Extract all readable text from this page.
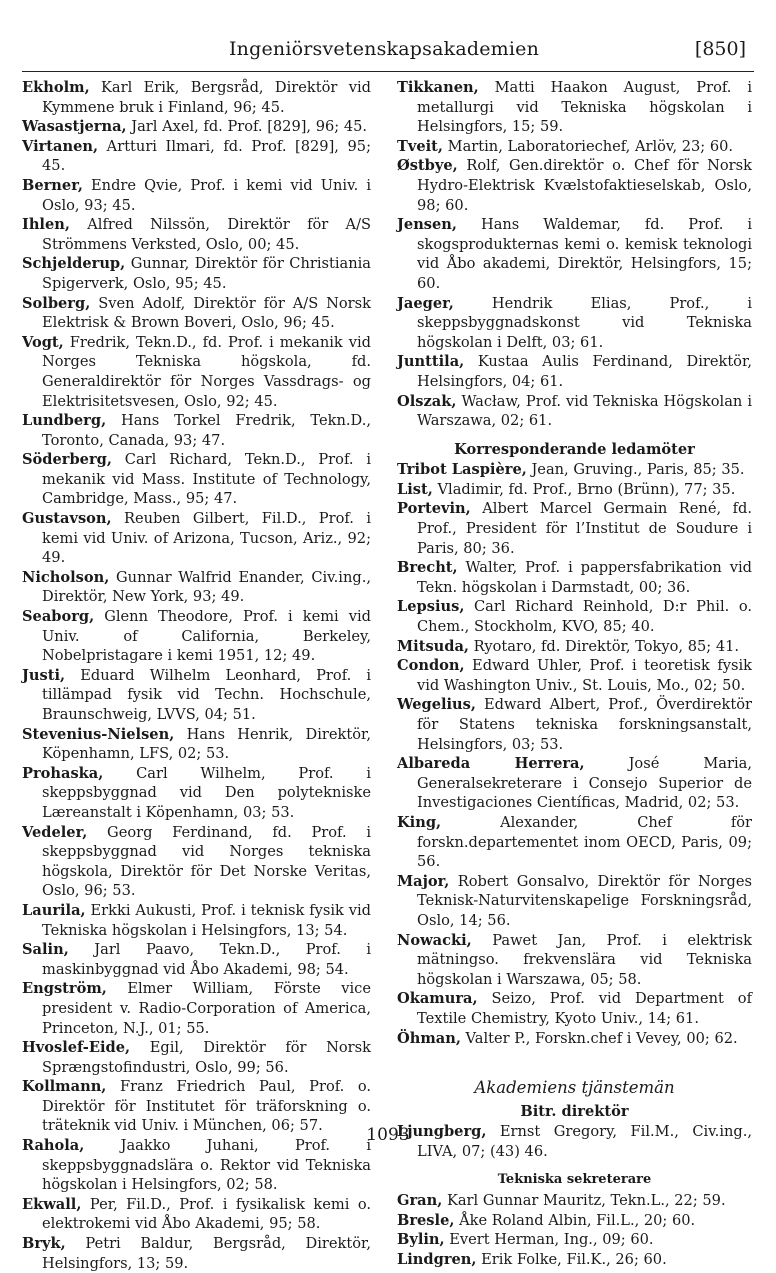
Ingeniörsvetenskapsakademien	[850]

Ekholm, Karl Erik, Bergsråd, Direktör vid Kymmene bruk i Finland, 96; 45.

Wasastjerna, Jarl Axel, fd. Prof. [829], 96; 45.

Virtanen, Artturi Ilmari, fd. Prof. [829], 95; 45.

Berner, Endre Qvie, Prof. i kemi vid Univ. i Oslo, 93; 45.

Ihlen, Alfred Nilssön, Direktör för A/S Strömmens Verksted, Oslo, 00; 45.

Schjelderup, Gunnar, Direktör för Christiania Spigerverk, Oslo, 95; 45.

Solberg, Sven Adolf, Direktör för A/S Norsk Elektrisk & Brown Boveri, Oslo, 96; 45.

Vogt, Fredrik, Tekn.D., fd. Prof. i mekanik vid Norges Tekniska högskola, fd. Generaldirektör för Norges Vassdrags- og Elektrisitetsvesen, Oslo, 92; 45.

Lundberg, Hans Torkel Fredrik, Tekn.D., Toronto, Canada, 93; 47.

Söderberg, Carl Richard, Tekn.D., Prof. i mekanik vid Mass. Institute of Technology, Cambridge, Mass., 95; 47.

Gustavson, Reuben Gilbert, Fil.D., Prof. i kemi vid Univ. of Arizona, Tucson, Ariz., 92; 49.

Nicholson, Gunnar Walfrid Enander, Civ.ing., Direktör, New York, 93; 49.

Seaborg, Glenn Theodore, Prof. i kemi vid Univ. of California, Berkeley, Nobelpristagare i kemi 1951, 12; 49.

Justi, Eduard Wilhelm Leonhard, Prof. i tillämpad fysik vid Techn. Hochschule, Braunschweig, LVVS, 04; 51.

Stevenius-Nielsen, Hans Henrik, Direktör, Köpenhamn, LFS, 02; 53.

Prohaska, Carl Wilhelm, Prof. i skeppsbyggnad vid Den polytekniske Læreanstalt i Köpenhamn, 03; 53.

Vedeler, Georg Ferdinand, fd. Prof. i skeppsbyggnad vid Norges tekniska högskola, Direktör för Det Norske Veritas, Oslo, 96; 53.

Laurila, Erkki Aukusti, Prof. i teknisk fysik vid Tekniska högskolan i Helsingfors, 13; 54.

Salin, Jarl Paavo, Tekn.D., Prof. i maskinbyggnad vid Åbo Akademi, 98; 54.

Engström, Elmer William, Förste vice president v. Radio-Corporation of America, Princeton, N.J., 01; 55.

Hvoslef-Eide, Egil, Direktör för Norsk Sprængstofindustri, Oslo, 99; 56.

Kollmann, Franz Friedrich Paul, Prof. o. Direktör för Institutet för träforskning o. träteknik vid Univ. i München, 06; 57.

Rahola, Jaakko Juhani, Prof. i skeppsbyggnadslära o. Rektor vid Tekniska högskolan i Helsingfors, 02; 58.

Ekwall, Per, Fil.D., Prof. i fysikalisk kemi o. elektrokemi vid Åbo Akademi, 95; 58.

Bryk, Petri Baldur, Bergsråd, Direktör, Helsingfors, 13; 59.

Tikkanen, Matti Haakon August, Prof. i metallurgi vid Tekniska högskolan i Helsingfors, 15; 59.

Tveit, Martin, Laboratoriechef, Arlöv, 23; 60.

Østbye, Rolf, Gen.direktör o. Chef för Norsk Hydro-Elektrisk Kvælstofaktieselskab, Oslo, 98; 60.

Jensen, Hans Waldemar, fd. Prof. i skogsprodukternas kemi o. kemisk teknologi vid Åbo akademi, Direktör, Helsingfors, 15; 60.

Jaeger, Hendrik Elias, Prof., i skeppsbyggnadskonst vid Tekniska högskolan i Delft, 03; 61.

Junttila, Kustaa Aulis Ferdinand, Direktör, Helsingfors, 04; 61.

Olszak, Wacław, Prof. vid Tekniska Högskolan i Warszawa, 02; 61.

Korresponderande ledamöter

Tribot Laspière, Jean, Gruving., Paris, 85; 35.

List, Vladimir, fd. Prof., Brno (Brünn), 77; 35.

Portevin, Albert Marcel Germain René, fd. Prof., President för l’Institut de Soudure i Paris, 80; 36.

Brecht, Walter, Prof. i pappersfabrikation vid Tekn. högskolan i Darmstadt, 00; 36.

Lepsius, Carl Richard Reinhold, D:r Phil. o. Chem., Stockholm, KVO, 85; 40.

Mitsuda, Ryotaro, fd. Direktör, Tokyo, 85; 41.

Condon, Edward Uhler, Prof. i teoretisk fysik vid Washington Univ., St. Louis, Mo., 02; 50.

Wegelius, Edward Albert, Prof., Överdirektör för Statens tekniska forskningsanstalt, Helsingfors, 03; 53.

Albareda Herrera, José Maria, Generalsekreterare i Consejo Superior de Investigaciones Científicas, Madrid, 02; 53.

King, Alexander, Chef för forskn.departementet inom OECD, Paris, 09; 56.

Major, Robert Gonsalvo, Direktör för Norges Teknisk-Naturvitenskapelige Forskningsråd, Oslo, 14; 56.

Nowacki, Pawet Jan, Prof. i elektrisk mätningso. frekvenslära vid Tekniska högskolan i Warszawa, 05; 58.

Okamura, Seizo, Prof. vid Department of Textile Chemistry, Kyoto Univ., 14; 61.

Öhman, Valter P., Forskn.chef i Vevey, 00; 62.

Akademiens tjänstemän
Bitr. direktör

Ljungberg, Ernst Gregory, Fil.M., Civ.ing., LIVA, 07; (43) 46.

Tekniska sekreterare

Gran, Karl Gunnar Mauritz, Tekn.L., 22; 59.

Bresle, Åke Roland Albin, Fil.L., 20; 60.

Bylin, Evert Herman, Ing., 09; 60.

Lindgren, Erik Folke, Fil.K., 26; 60.

1093
